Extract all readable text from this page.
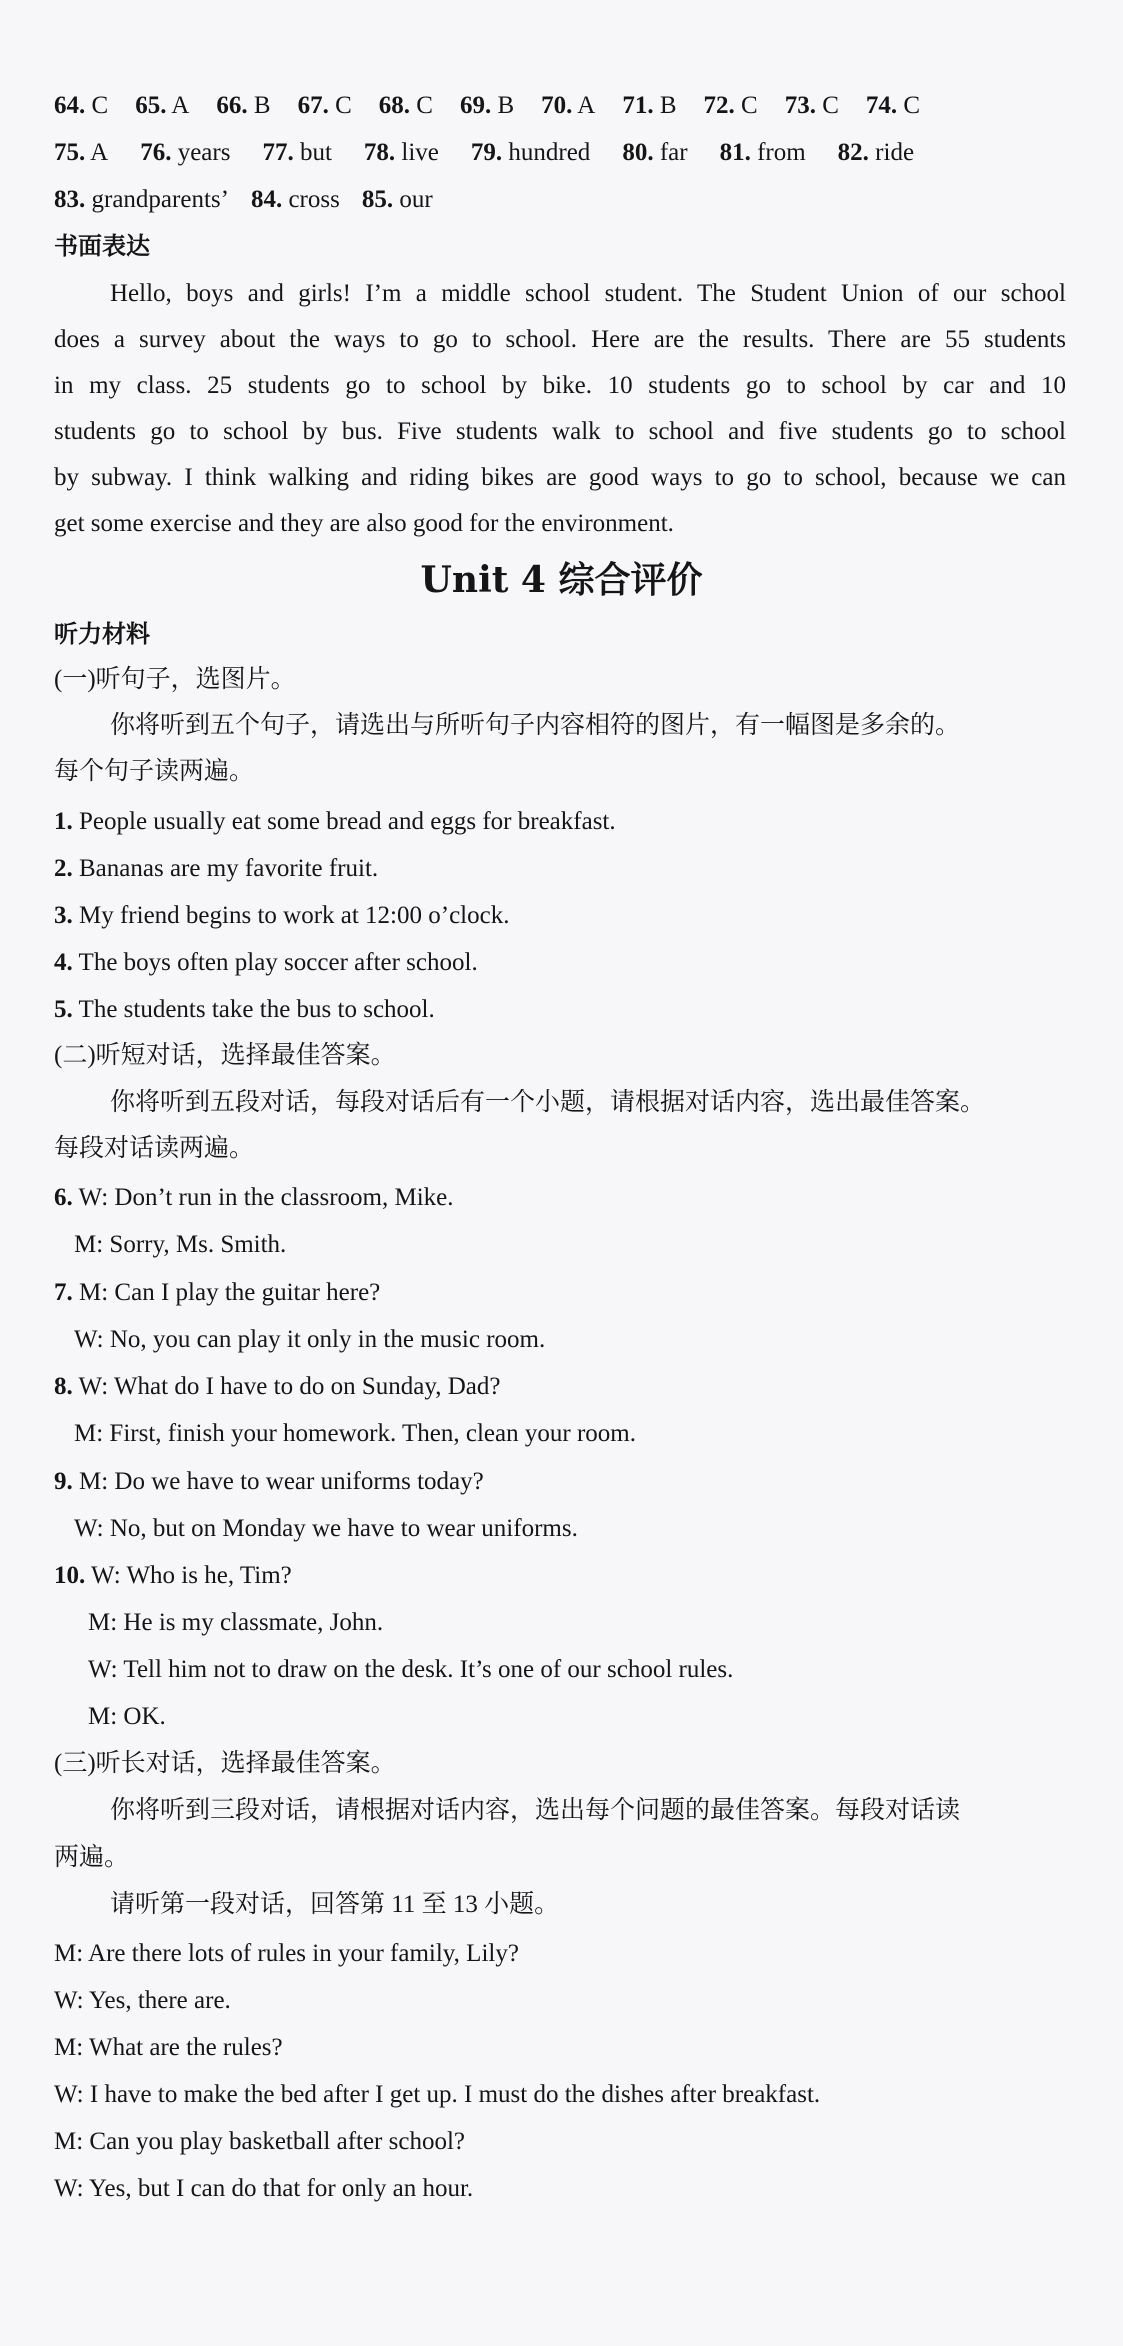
64. C 65. A 66. B 67. C 68. C 69. B 70. A 71. B 72. C 73. C 74. C
75. A 76. years 77. but 78. live 79. hundred 80. far 81. from 82. ride
83. grandparents’ 84. cross 85. our
书面表达
Hello, boys and girls! I’m a middle school student. The Student Union of our school
does a survey about the ways to go to school. Here are the results. There are 55 students
in my class. 25 students go to school by bike. 10 students go to school by car and 10
students go to school by bus. Five students walk to school and five students go to school
by subway. I think walking and riding bikes are good ways to go to school, because we can
get some exercise and they are also good for the environment.
Unit 4 综合评价
听力材料
(一)听句子，选图片。
你将听到五个句子，请选出与所听句子内容相符的图片，有一幅图是多余的。
每个句子读两遍。
1. People usually eat some bread and eggs for breakfast.
2. Bananas are my favorite fruit.
3. My friend begins to work at 12:00 o’clock.
4. The boys often play soccer after school.
5. The students take the bus to school.
(二)听短对话，选择最佳答案。
你将听到五段对话，每段对话后有一个小题，请根据对话内容，选出最佳答案。
每段对话读两遍。
6. W: Don’t run in the classroom, Mike.
M: Sorry, Ms. Smith.
7. M: Can I play the guitar here?
W: No, you can play it only in the music room.
8. W: What do I have to do on Sunday, Dad?
M: First, finish your homework. Then, clean your room.
9. M: Do we have to wear uniforms today?
W: No, but on Monday we have to wear uniforms.
10. W: Who is he, Tim?
M: He is my classmate, John.
W: Tell him not to draw on the desk. It’s one of our school rules.
M: OK.
(三)听长对话，选择最佳答案。
你将听到三段对话，请根据对话内容，选出每个问题的最佳答案。每段对话读
两遍。
请听第一段对话，回答第 11 至 13 小题。
M: Are there lots of rules in your family, Lily?
W: Yes, there are.
M: What are the rules?
W: I have to make the bed after I get up. I must do the dishes after breakfast.
M: Can you play basketball after school?
W: Yes, but I can do that for only an hour.
